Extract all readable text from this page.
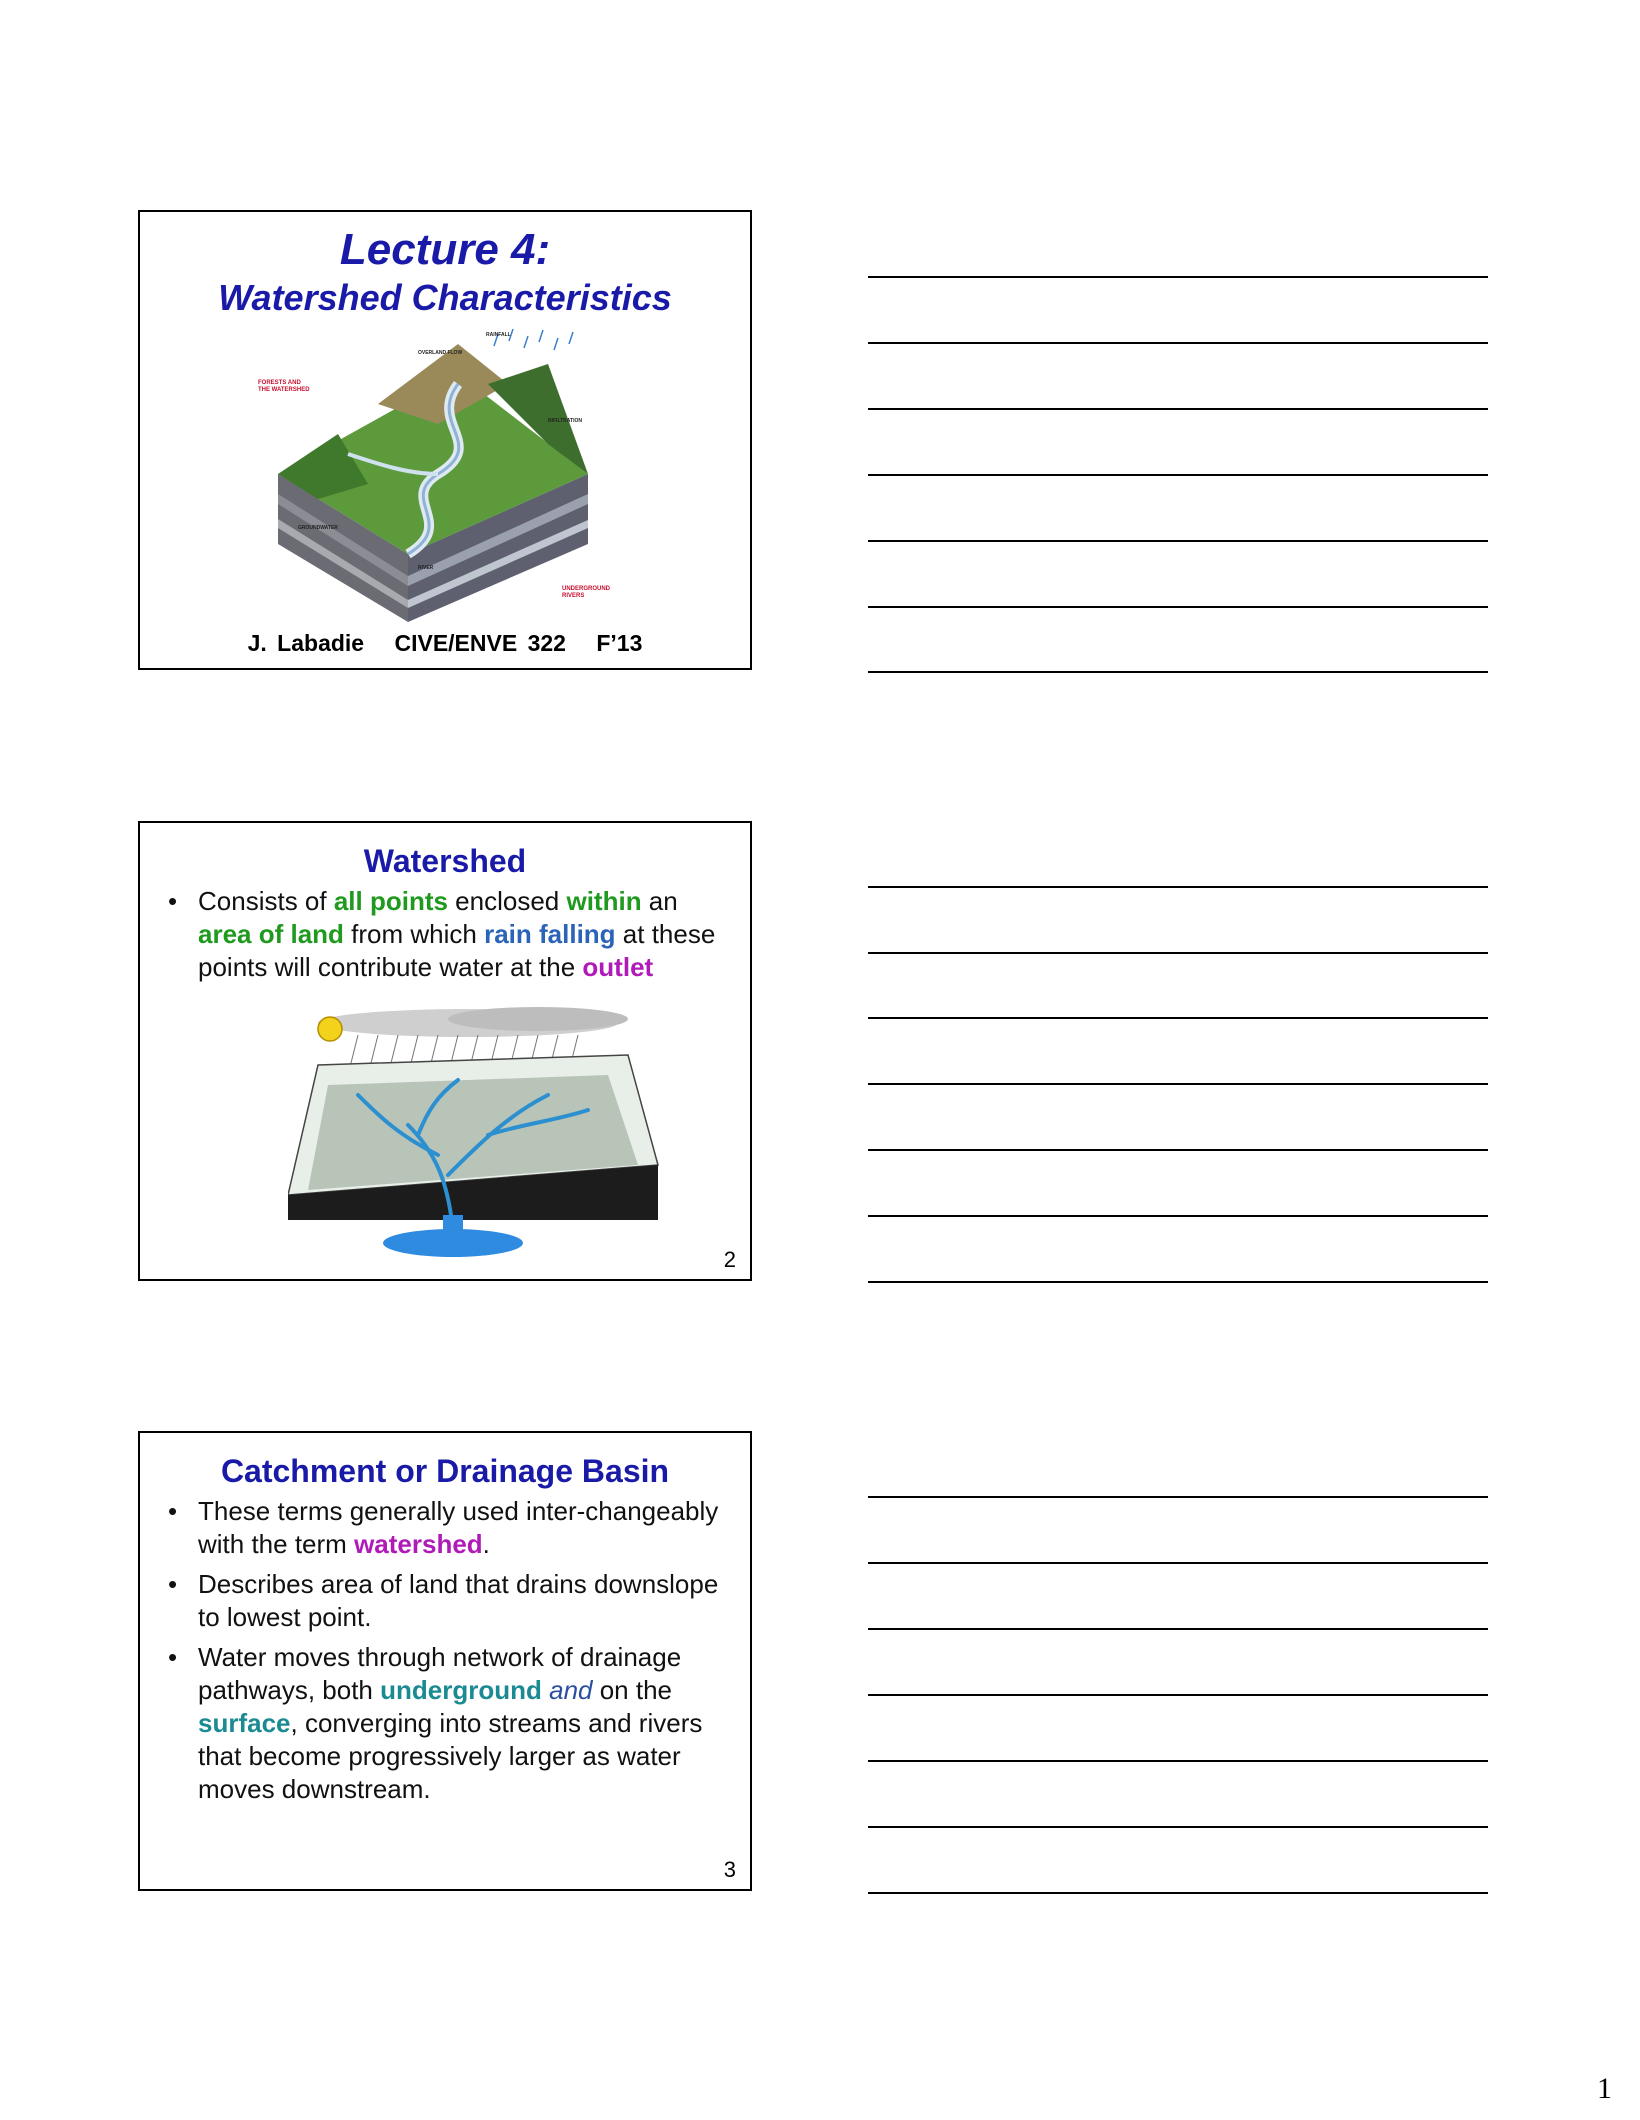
Lecture 4:
Watershed Characteristics
FORESTS AND
THE WATERSHED
UNDERGROUND
RIVERS
OVERLAND FLOW
RAINFALL
INFILTRATION
GROUNDWATER
RIVER
J. Labadie CIVE/ENVE 322 F’13
Watershed
• Consists of all points enclosed within an area of land from which rain falling at these points will contribute water at the outlet
2
Catchment or Drainage Basin
• These terms generally used inter-changeably with the term watershed.
• Describes area of land that drains downslope to lowest point.
• Water moves through network of drainage pathways, both underground and on the surface, converging into streams and rivers that become progressively larger as water moves downstream.
3
1
